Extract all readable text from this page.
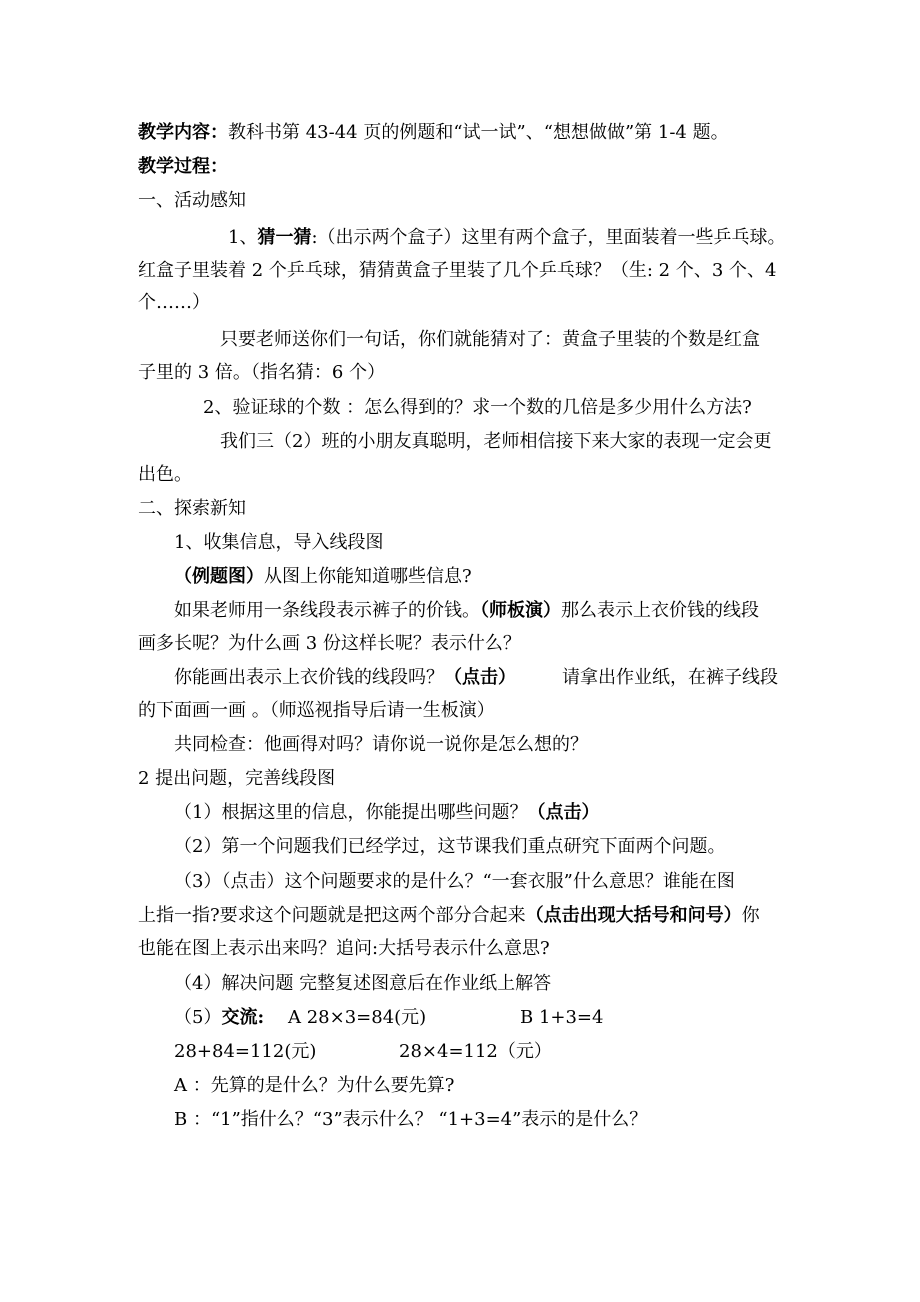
教学内容：教科书第 43-44 页的例题和“试一试”、“想想做做”第 1-4 题。
教学过程：
一、活动感知
1、猜一猜:（出示两个盒子）这里有两个盒子，里面装着一些乒乓球。
红盒子里装着 2 个乒乓球，猜猜黄盒子里装了几个乒乓球？（生: 2 个、3 个、4
个……）
只要老师送你们一句话，你们就能猜对了：黄盒子里装的个数是红盒
子里的 3 倍。（指名猜：6 个）
2、验证球的个数 ：怎么得到的？求一个数的几倍是多少用什么方法?
我们三（2）班的小朋友真聪明，老师相信接下来大家的表现一定会更
出色。
二、探索新知
1、收集信息，导入线段图
（例题图）从图上你能知道哪些信息?
如果老师用一条线段表示裤子的价钱。（师板演）那么表示上衣价钱的线段
画多长呢？为什么画 3 份这样长呢？表示什么？
你能画出表示上衣价钱的线段吗？（点击）	请拿出作业纸，在裤子线段
的下面画一画 。（师巡视指导后请一生板演）
共同检查：他画得对吗？请你说一说你是怎么想的？
2 提出问题，完善线段图
（1）根据这里的信息，你能提出哪些问题？（点击）
（2）第一个问题我们已经学过，这节课我们重点研究下面两个问题。
（3）（点击）这个问题要求的是什么？“一套衣服”什么意思？谁能在图
上指一指?要求这个问题就是把这两个部分合起来（点击出现大括号和问号）你
也能在图上表示出来吗？追问:大括号表示什么意思?
（4）解决问题 完整复述图意后在作业纸上解答
（5）交流: A 28×3=84(元)	B 1+3=4
28+84=112(元)	28×4=112（元）
A ：先算的是什么？为什么要先算?
B ：“1”指什么？“3”表示什么？ “1+3=4”表示的是什么？
